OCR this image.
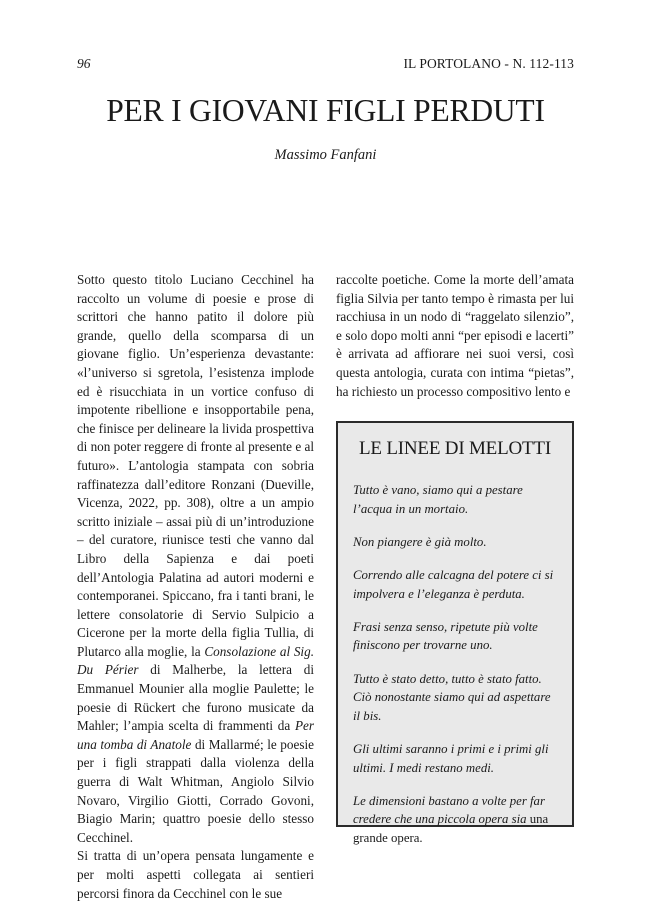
96	IL PORTOLANO - N. 112-113
PER I GIOVANI FIGLI PERDUTI
Massimo Fanfani

Sotto questo titolo Luciano Cecchinel ha raccolto un volume di poesie e prose di scrittori che hanno patito il dolore più grande, quello della scomparsa di un giovane figlio. Un’esperienza devastante: «l’universo si sgretola, l’esistenza implode ed è risucchiata in un vortice confuso di impotente ribellione e insopportabile pena, che finisce per delineare la livida prospettiva di non poter reggere di fronte al presente e al futuro». L’antologia stampata con sobria raffinatezza dall’editore Ronzani (Dueville, Vicenza, 2022, pp. 308), oltre a un ampio scritto iniziale – assai più di un’introduzione – del curatore, riunisce testi che vanno dal Libro della Sapienza e dai poeti dell’Antologia Palatina ad autori moderni e contemporanei. Spiccano, fra i tanti brani, le lettere consolatorie di Servio Sulpicio a Cicerone per la morte della figlia Tullia, di Plutarco alla moglie, la Consolazione al Sig. Du Périer di Malherbe, la lettera di Emmanuel Mounier alla moglie Paulette; le poesie di Rückert che furono musicate da Mahler; l’ampia scelta di frammenti da Per una tomba di Anatole di Mallarmé; le poesie per i figli strappati dalla violenza della guerra di Walt Whitman, Angiolo Silvio Novaro, Virgilio Giotti, Corrado Govoni, Biagio Marin; quattro poesie dello stesso Cecchinel.

Si tratta di un’opera pensata lungamente e per molti aspetti collegata ai sentieri percorsi finora da Cecchinel con le sue

raccolte poetiche. Come la morte dell’amata figlia Silvia per tanto tempo è rimasta per lui racchiusa in un nodo di “raggelato silenzio”, e solo dopo molti anni “per episodi e lacerti” è arrivata ad affiorare nei suoi versi, così questa antologia, curata con intima “pietas”, ha richiesto un processo compositivo lento e

LE LINEE DI MELOTTI

Tutto è vano, siamo qui a pestare l’acqua in un mortaio.

Non piangere è già molto.

Correndo alle calcagna del potere ci si impolvera e l’eleganza è perduta.

Frasi senza senso, ripetute più volte finiscono per trovarne uno.

Tutto è stato detto, tutto è stato fatto. Ciò nonostante siamo qui ad aspettare il bis.

Gli ultimi saranno i primi e i primi gli ultimi. I medi restano medi.

Le dimensioni bastano a volte per far credere che una piccola opera sia una grande opera.
